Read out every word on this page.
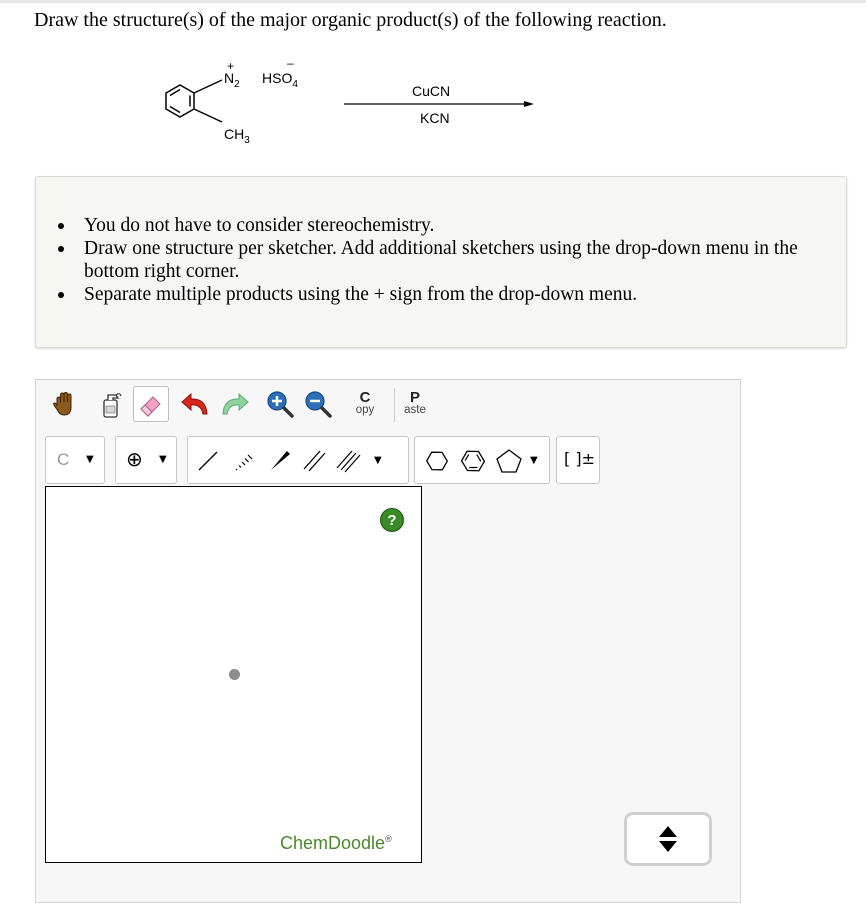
Draw the structure(s) of the major organic product(s) of the following reaction.
+
$N_2$ $HSO_4$
–
$CH_3$
CuCN
KCN
You do not have to consider stereochemistry.
Draw one structure per sketcher. Add additional sketchers using the drop-down menu in the bottom right corner.
Separate multiple products using the + sign from the drop-down menu.
C
opy
P
aste
C ▼ ⊕ ▼	▼	▼ [ ]±
?
ChemDoodle®
